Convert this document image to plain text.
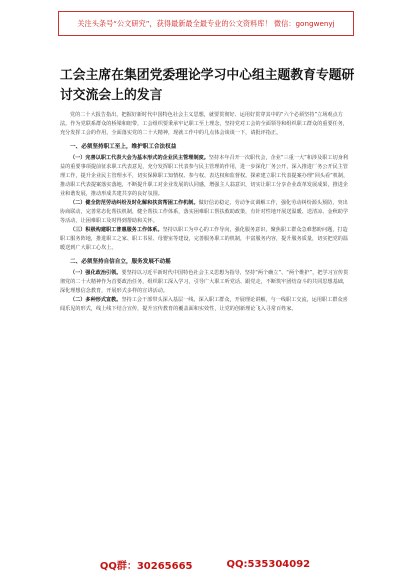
关注头条号“公文研究”，获得最新最全最专业的公文资料库！ 微信：gongwenyj
工会主席在集团党委理论学习中心组主题教育专题研讨交流会上的发言

党的二十大报告指出，把握好新时代中国特色社会主义思想，就要贯彻好、运用好贯穿其中的“六个必须坚持”立场观点方法。作为党联系群众的桥梁和纽带，工会组织要秉承牢记职工至上理念，坚持党对工会的全面领导和组织职工群众的重要任务，充分发挥工会的作用，全面落实党的二十大精神，现就工作中的几点体会谈谈一下，请批评指正。

一、必须坚持职工至上，维护职工合法权益

（一）完善以职工代表大会为基本形式的企业民主管理制度。坚持本年召开一次职代会，企业“三重一大”和涉及职工切身利益的重要事项提前征求职工代表意见，充分发挥职工代表参与民主管理的作用，进一步深化厂务公开，深入推进厂务公开民主管理工作，提升企业民主管理水平，切实保障职工知情权、参与权、表达权和监督权。探索建立职工代表提案办理“回头看”机制，推动职工代表提案落实落地，不断提升职工对企业发展的认同感，增强主人翁意识，切实让职工分享企业改革发展成果，推进企业和谐发展，推动形成共建共享的良好氛围。

（二）健全防范劳动纠纷及时化解和扶贫帮困工作机制。做好信访稳定、劳动争议调解工作，强化劳动纠纷源头预防，突出协商联动，完善常态化帮扶机制，健全帮扶工作体系，落实困难职工帮扶救助政策，有针对性地开展送温暖、送清凉、金秋助学等活动，让困难职工及时得到帮助和关怀。

（三）积极构建职工普惠服务工作体系。坚持以职工为中心的工作导向，强化服务意识，聚焦职工群众急难愁盼问题，打造职工服务阵地，推进职工之家、职工书屋、母婴室等建设，完善服务职工的机制，丰富服务内容，提升服务质量，切实把党的温暖送到广大职工心坎上。

二、必须坚持自信自立，服务发展不动摇

（一）强化政治引领。要坚持以习近平新时代中国特色社会主义思想为指导，坚持“两个确立”、“两个维护”，把学习宣传贯彻党的二十大精神作为首要政治任务，组织职工深入学习，引导广大职工听党话、跟党走，不断筑牢团结奋斗的共同思想基础，深化理想信念教育，开展形式多样的宣讲活动。

（二）多种形式宣教。坚持工会干部带头深入基层一线、深入职工群众，开展理论讲解，与一线职工交流，运用职工群众喜闻乐见的形式，线上线下结合宣传，提升宣传教育的覆盖面和实效性，让党的创新理论飞入寻常百姓家。

QQ群：30265665	QQ:535304092
